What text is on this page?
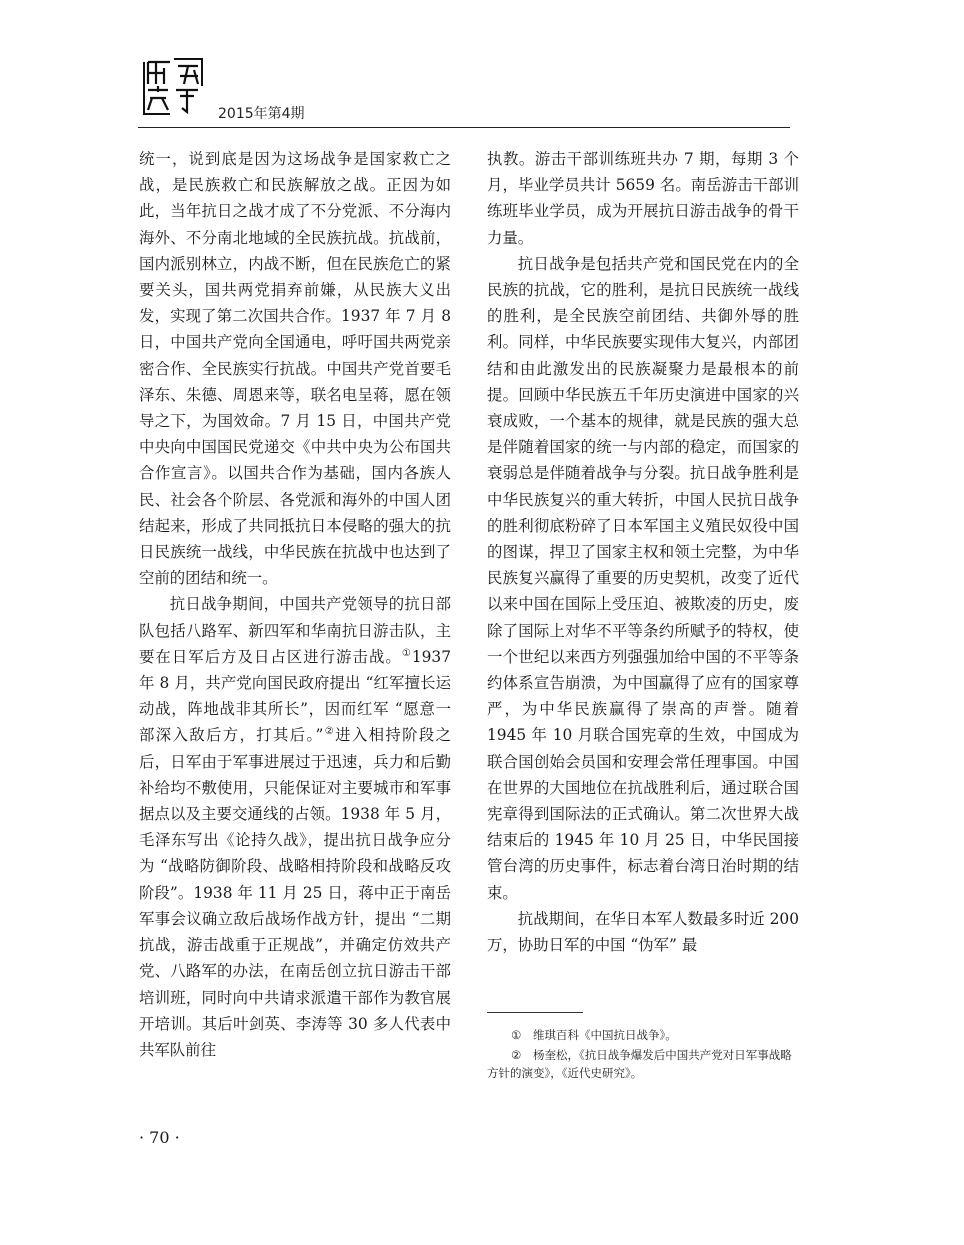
2015年第4期

统一，说到底是因为这场战争是国家救亡之战，是民族救亡和民族解放之战。正因为如此，当年抗日之战才成了不分党派、不分海内海外、不分南北地域的全民族抗战。抗战前，国内派别林立，内战不断，但在民族危亡的紧要关头，国共两党捐弃前嫌，从民族大义出发，实现了第二次国共合作。1937 年 7 月 8 日，中国共产党向全国通电，呼吁国共两党亲密合作、全民族实行抗战。中国共产党首要毛泽东、朱德、周恩来等，联名电呈蒋，愿在领导之下，为国效命。7 月 15 日，中国共产党中央向中国国民党递交《中共中央为公布国共合作宣言》。以国共合作为基础，国内各族人民、社会各个阶层、各党派和海外的中国人团结起来，形成了共同抵抗日本侵略的强大的抗日民族统一战线，中华民族在抗战中也达到了空前的团结和统一。

抗日战争期间，中国共产党领导的抗日部队包括八路军、新四军和华南抗日游击队，主要在日军后方及日占区进行游击战。①1937 年 8 月，共产党向国民政府提出 “红军擅长运动战，阵地战非其所长”，因而红军 “愿意一部深入敌后方，打其后。”②进入相持阶段之后，日军由于军事进展过于迅速，兵力和后勤补给均不敷使用，只能保证对主要城市和军事据点以及主要交通线的占领。1938 年 5 月，毛泽东写出《论持久战》，提出抗日战争应分为 “战略防御阶段、战略相持阶段和战略反攻阶段”。1938 年 11 月 25 日，蒋中正于南岳军事会议确立敌后战场作战方针，提出 “二期抗战，游击战重于正规战”，并确定仿效共产党、八路军的办法，在南岳创立抗日游击干部培训班，同时向中共请求派遣干部作为教官展开培训。其后叶剑英、李涛等 30 多人代表中共军队前往

执教。游击干部训练班共办 7 期，每期 3 个月，毕业学员共计 5659 名。南岳游击干部训练班毕业学员，成为开展抗日游击战争的骨干力量。

抗日战争是包括共产党和国民党在内的全民族的抗战，它的胜利，是抗日民族统一战线的胜利，是全民族空前团结、共御外辱的胜利。同样，中华民族要实现伟大复兴，内部团结和由此激发出的民族凝聚力是最根本的前提。回顾中华民族五千年历史演进中国家的兴衰成败，一个基本的规律，就是民族的强大总是伴随着国家的统一与内部的稳定，而国家的衰弱总是伴随着战争与分裂。抗日战争胜利是中华民族复兴的重大转折，中国人民抗日战争的胜利彻底粉碎了日本军国主义殖民奴役中国的图谋，捍卫了国家主权和领土完整，为中华民族复兴赢得了重要的历史契机，改变了近代以来中国在国际上受压迫、被欺凌的历史，废除了国际上对华不平等条约所赋予的特权，使一个世纪以来西方列强强加给中国的不平等条约体系宣告崩溃，为中国赢得了应有的国家尊严，为中华民族赢得了崇高的声誉。随着 1945 年 10 月联合国宪章的生效，中国成为联合国创始会员国和安理会常任理事国。中国在世界的大国地位在抗战胜利后，通过联合国宪章得到国际法的正式确认。第二次世界大战结束后的 1945 年 10 月 25 日，中华民国接管台湾的历史事件，标志着台湾日治时期的结束。

抗战期间，在华日本军人数最多时近 200 万，协助日军的中国 “伪军” 最

① 维琪百科《中国抗日战争》。
② 杨奎松，《抗日战争爆发后中国共产党对日军事战略方针的演变》，《近代史研究》。
· 70 ·
